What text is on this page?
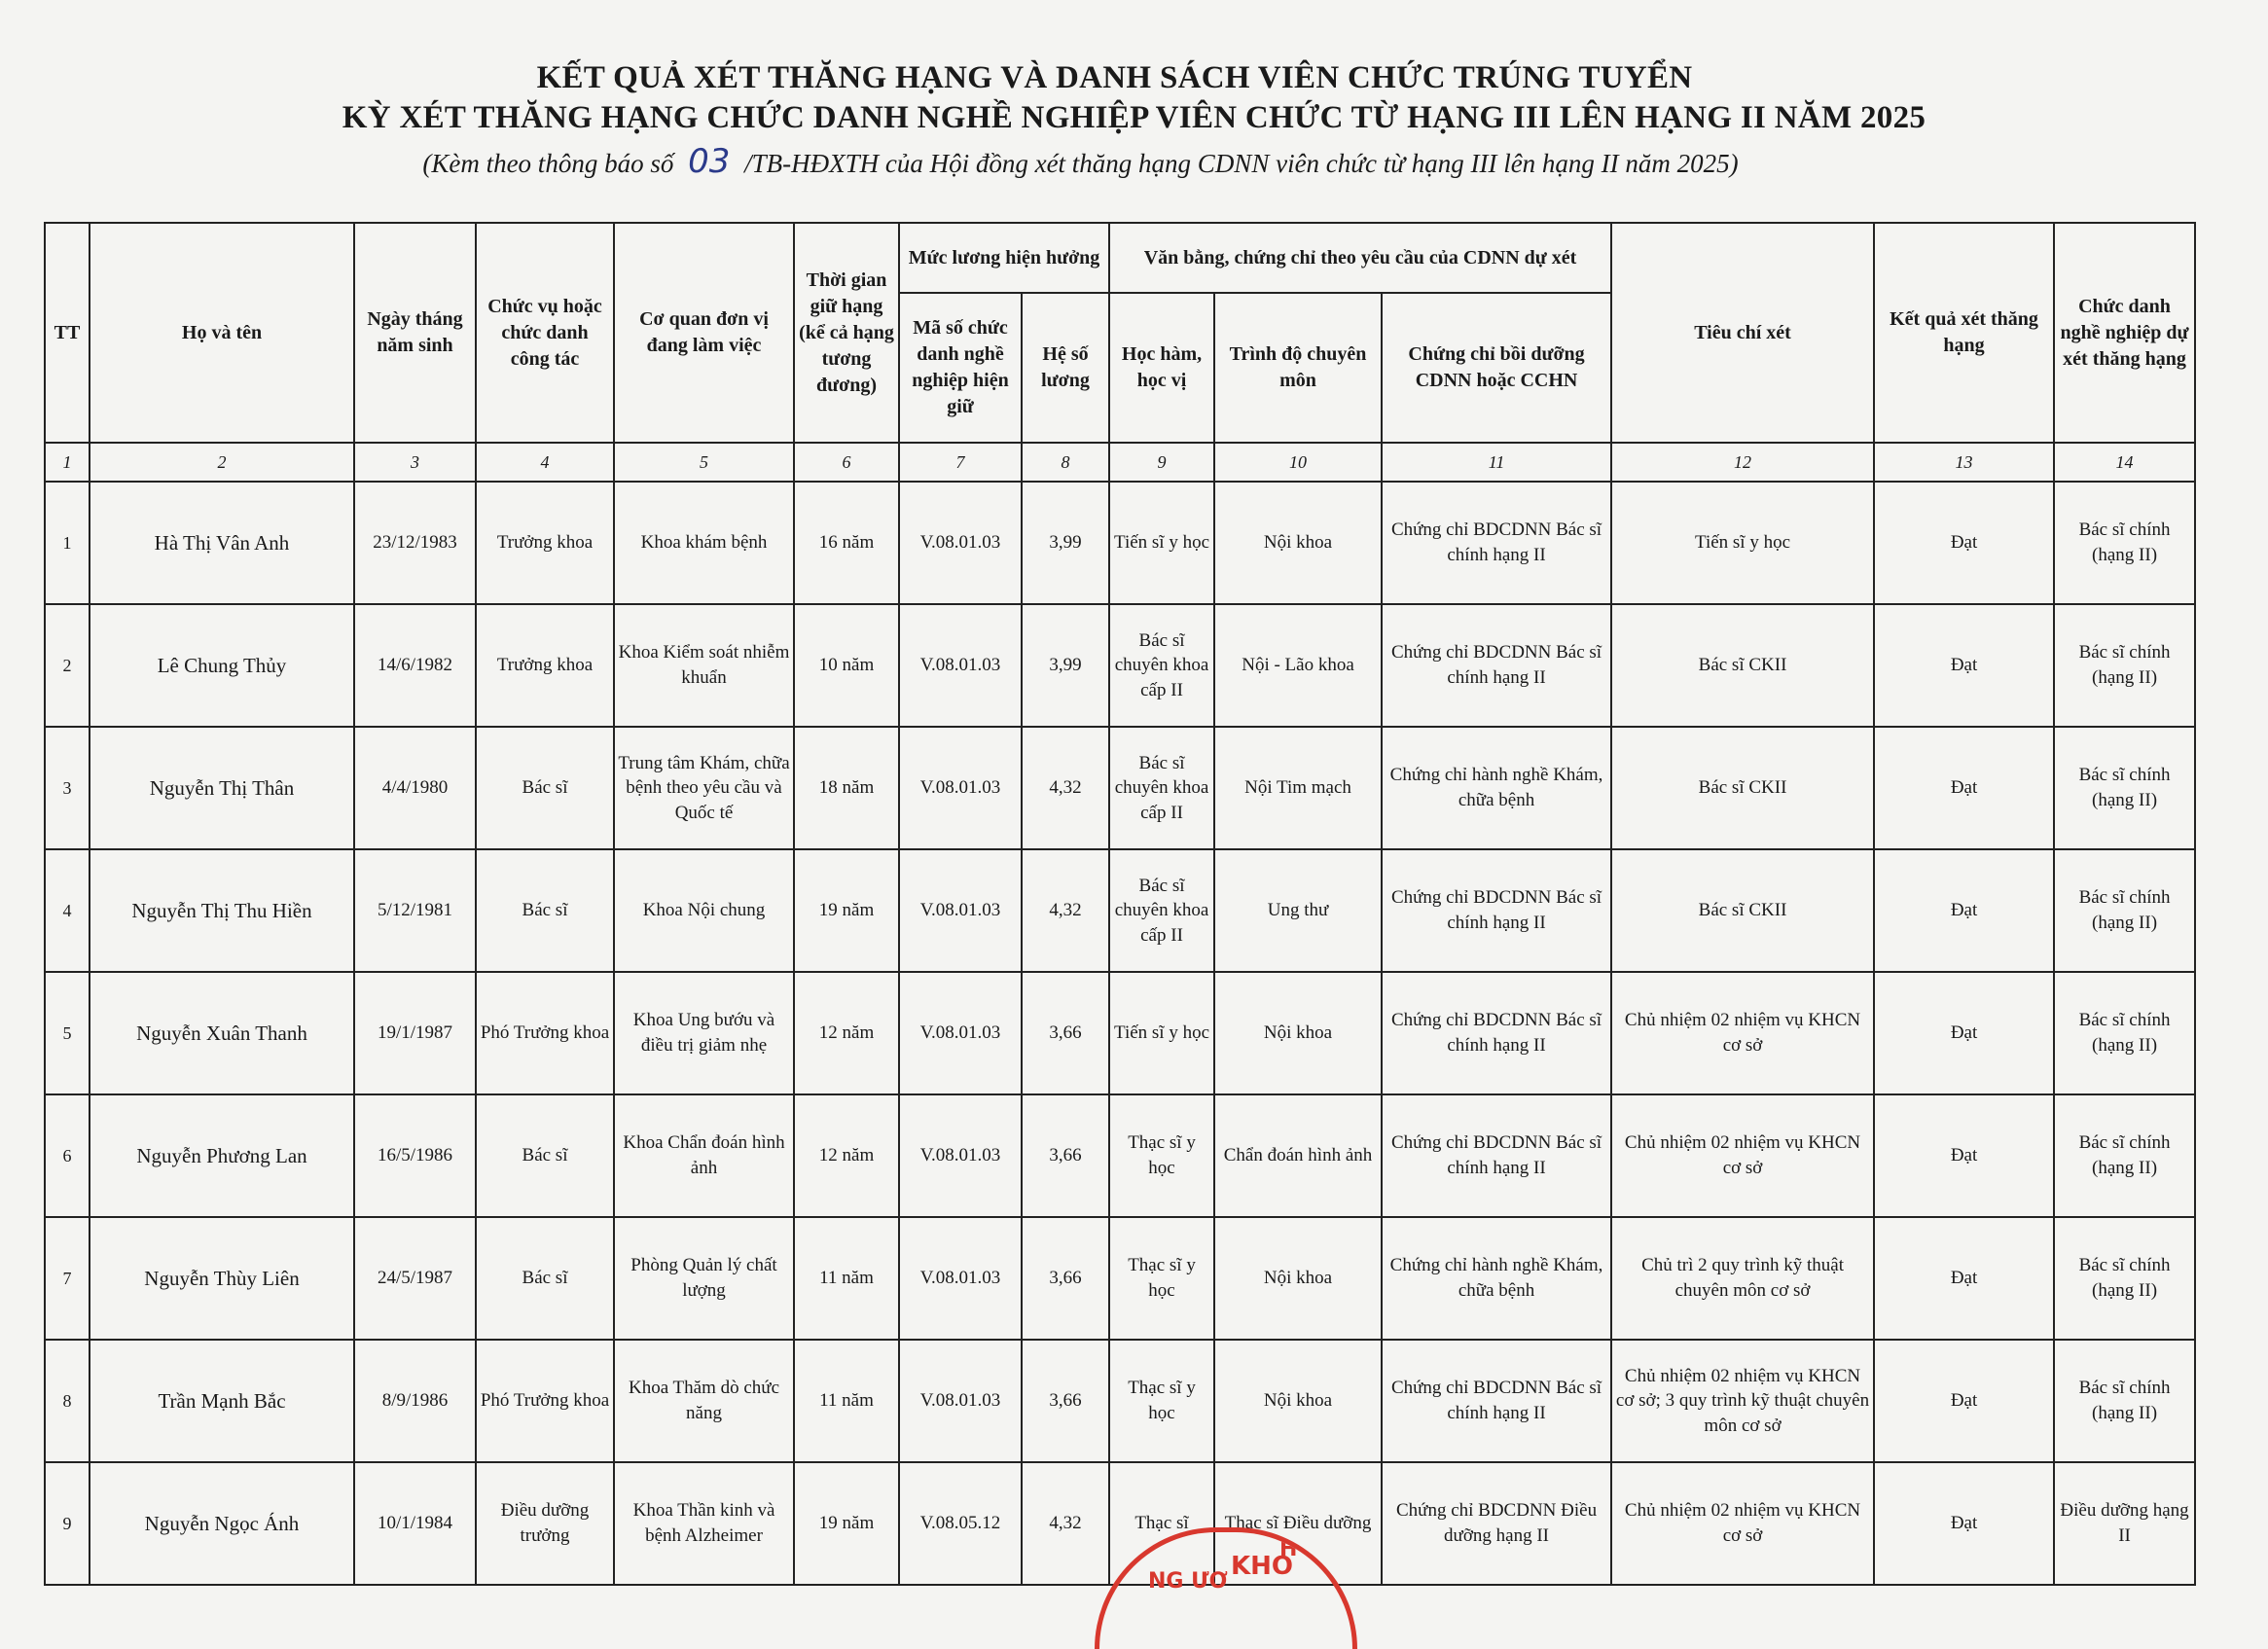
KẾT QUẢ XÉT THĂNG HẠNG VÀ DANH SÁCH VIÊN CHỨC TRÚNG TUYỂN
KỲ XÉT THĂNG HẠNG CHỨC DANH NGHỀ NGHIỆP VIÊN CHỨC TỪ HẠNG III LÊN HẠNG II NĂM 2025
(Kèm theo thông báo số 03 /TB-HĐXTH của Hội đồng xét thăng hạng CDNN viên chức từ hạng III lên hạng II năm 2025)
TT	Họ và tên	Ngày tháng năm sinh	Chức vụ hoặc chức danh công tác	Cơ quan đơn vị đang làm việc	Thời gian giữ hạng (kể cả hạng tương đương)	Mức lương hiện hưởng		Văn bằng, chứng chỉ theo yêu cầu của CDNN dự xét			Tiêu chí xét	Kết quả xét thăng hạng	Chức danh nghề nghiệp dự xét thăng hạng
						Mã số chức danh nghề nghiệp hiện giữ	Hệ số lương	Học hàm, học vị	Trình độ chuyên môn	Chứng chỉ bồi dưỡng CDNN hoặc CCHN			
1	2	3	4	5	6	7	8	9	10	11	12	13	14
1	Hà Thị Vân Anh	23/12/1983	Trưởng khoa	Khoa khám bệnh	16 năm	V.08.01.03	3,99	Tiến sĩ y học	Nội khoa	Chứng chỉ BDCDNN Bác sĩ chính hạng II	Tiến sĩ y học	Đạt	Bác sĩ chính (hạng II)
2	Lê Chung Thủy	14/6/1982	Trưởng khoa	Khoa Kiểm soát nhiễm khuẩn	10 năm	V.08.01.03	3,99	Bác sĩ chuyên khoa cấp II	Nội - Lão khoa	Chứng chỉ BDCDNN Bác sĩ chính hạng II	Bác sĩ CKII	Đạt	Bác sĩ chính (hạng II)
3	Nguyễn Thị Thân	4/4/1980	Bác sĩ	Trung tâm Khám, chữa bệnh theo yêu cầu và Quốc tế	18 năm	V.08.01.03	4,32	Bác sĩ chuyên khoa cấp II	Nội Tim mạch	Chứng chỉ hành nghề Khám, chữa bệnh	Bác sĩ CKII	Đạt	Bác sĩ chính (hạng II)
4	Nguyễn Thị Thu Hiền	5/12/1981	Bác sĩ	Khoa Nội chung	19 năm	V.08.01.03	4,32	Bác sĩ chuyên khoa cấp II	Ung thư	Chứng chỉ BDCDNN Bác sĩ chính hạng II	Bác sĩ CKII	Đạt	Bác sĩ chính (hạng II)
5	Nguyễn Xuân Thanh	19/1/1987	Phó Trưởng khoa	Khoa Ung bướu và điều trị giảm nhẹ	12 năm	V.08.01.03	3,66	Tiến sĩ y học	Nội khoa	Chứng chỉ BDCDNN Bác sĩ chính hạng II	Chủ nhiệm 02 nhiệm vụ KHCN cơ sở	Đạt	Bác sĩ chính (hạng II)
6	Nguyễn Phương Lan	16/5/1986	Bác sĩ	Khoa Chẩn đoán hình ảnh	12 năm	V.08.01.03	3,66	Thạc sĩ y học	Chẩn đoán hình ảnh	Chứng chỉ BDCDNN Bác sĩ chính hạng II	Chủ nhiệm 02 nhiệm vụ KHCN cơ sở	Đạt	Bác sĩ chính (hạng II)
7	Nguyễn Thùy Liên	24/5/1987	Bác sĩ	Phòng Quản lý chất lượng	11 năm	V.08.01.03	3,66	Thạc sĩ y học	Nội khoa	Chứng chỉ hành nghề Khám, chữa bệnh	Chủ trì 2 quy trình kỹ thuật chuyên môn cơ sở	Đạt	Bác sĩ chính (hạng II)
8	Trần Mạnh Bắc	8/9/1986	Phó Trưởng khoa	Khoa Thăm dò chức năng	11 năm	V.08.01.03	3,66	Thạc sĩ y học	Nội khoa	Chứng chỉ BDCDNN Bác sĩ chính hạng II	Chủ nhiệm 02 nhiệm vụ KHCN cơ sở; 3 quy trình kỹ thuật chuyên môn cơ sở	Đạt	Bác sĩ chính (hạng II)
9	Nguyễn Ngọc Ánh	10/1/1984	Điều dưỡng trưởng	Khoa Thần kinh và bệnh Alzheimer	19 năm	V.08.05.12	4,32	Thạc sĩ	Thạc sĩ Điều dưỡng	Chứng chỉ BDCDNN Điều dưỡng hạng II	Chủ nhiệm 02 nhiệm vụ KHCN cơ sở	Đạt	Điều dưỡng hạng II
NG ƯƠ
KHO
H VIỆ
